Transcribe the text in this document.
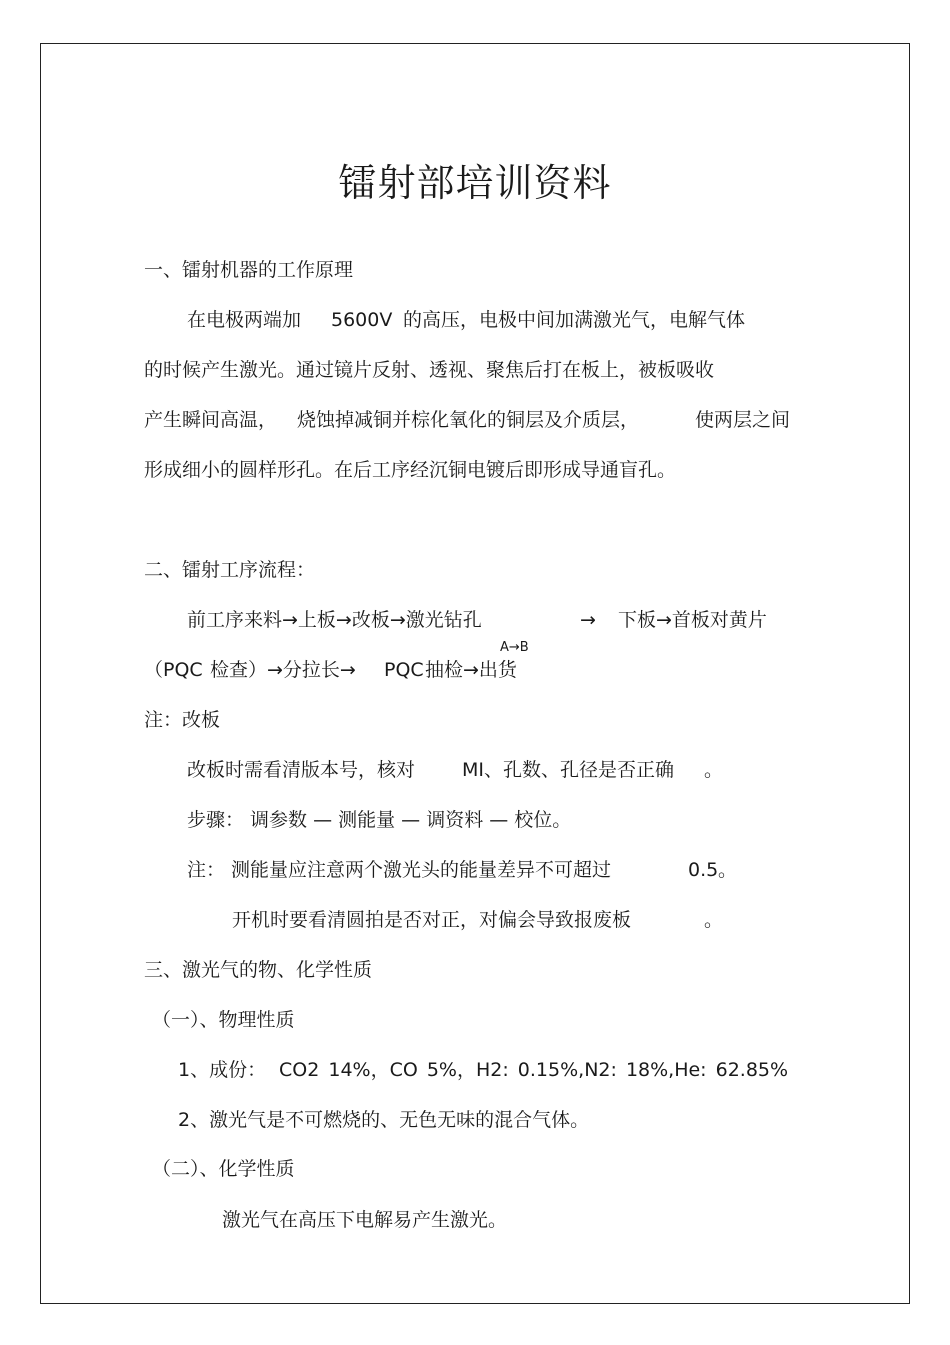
镭射部培训资料
一、镭射机器的工作原理
在电极两端加 5600V 的高压，电极中间加满激光气，电解气体
的时候产生激光。通过镜片反射、透视、聚焦后打在板上，被板吸收
产生瞬间高温， 烧蚀掉减铜并棕化氧化的铜层及介质层，	使两层之间
形成细小的圆样形孔。在后工序经沉铜电镀后即形成导通盲孔。
二、镭射工序流程：
前工序来料→上板→改板→激光钻孔	→ 下板→首板对黄片
A→B
（PQC 检查）→分拉长→ PQC 抽检→出货
注：改板
改板时需看清版本号，核对 MI、孔数、孔径是否正确 。
步骤： 调参数 — 测能量 — 调资料 — 校位。
注： 测能量应注意两个激光头的能量差异不可超过	0.5 。
开机时要看清圆拍是否对正，对偏会导致报废板	。
三、激光气的物、化学性质
（一）、物理性质
1、成份： CO2 14%，CO 5%，H2: 0.15%,N2: 18%,He: 62.85%
2、激光气是不可燃烧的、无色无味的混合气体。
（二）、化学性质
激光气在高压下电解易产生激光。
